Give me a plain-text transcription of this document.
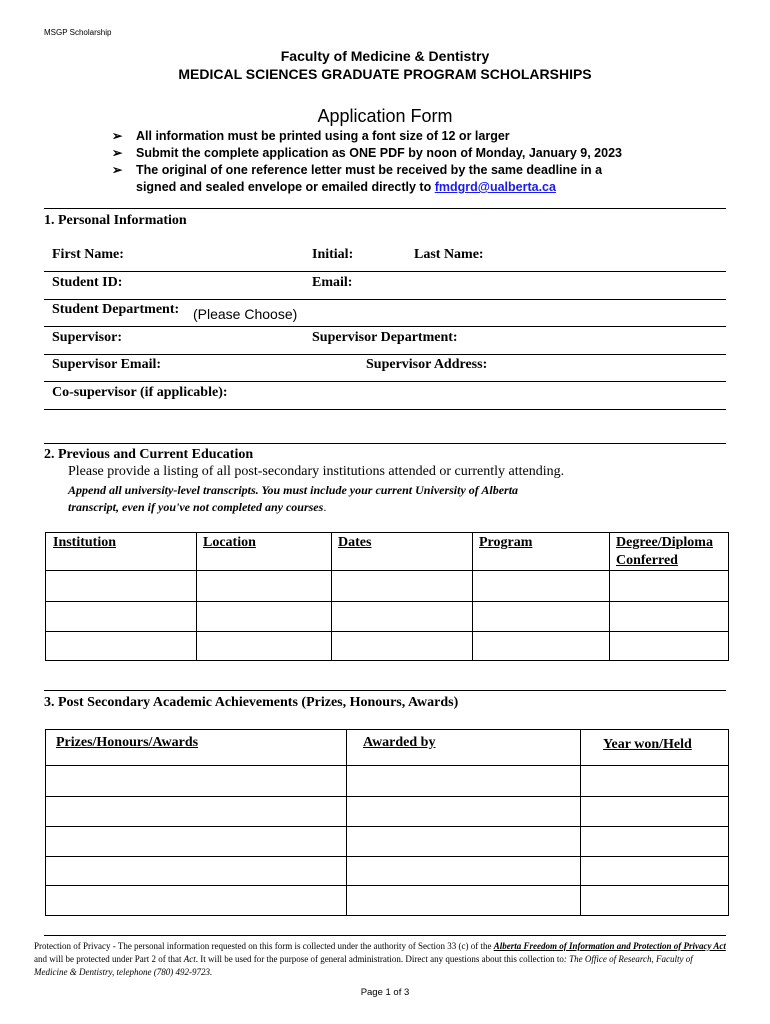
MSGP Scholarship
Faculty of Medicine & Dentistry
MEDICAL SCIENCES GRADUATE PROGRAM SCHOLARSHIPS
Application Form
➢ All information must be printed using a font size of 12 or larger
➢ Submit the complete application as ONE PDF by noon of Monday, January 9, 2023
➢ The original of one reference letter must be received by the same deadline in a
signed and sealed envelope or emailed directly to fmdgrd@ualberta.ca
1. Personal Information
First Name:	Initial:	Last Name:
Student ID:	Email:
Student Department: (Please Choose)
Supervisor:	Supervisor Department:
Supervisor Email:	Supervisor Address:
Co-supervisor (if applicable):
2. Previous and Current Education
Please provide a listing of all post-secondary institutions attended or currently attending.
Append all university-level transcripts. You must include your current University of Alberta
transcript, even if you've not completed any courses.
Institution	Location	Dates	Program	Degree/Diploma Conferred

3. Post Secondary Academic Achievements (Prizes, Honours, Awards)
Prizes/Honours/Awards	Awarded by	Year won/Held

Protection of Privacy - The personal information requested on this form is collected under the authority of Section 33 (c) of the Alberta Freedom of Information and Protection of Privacy Act and will be protected under Part 2 of that Act. It will be used for the purpose of general administration. Direct any questions about this collection to: The Office of Research, Faculty of Medicine & Dentistry, telephone (780) 492-9723.
Page 1 of 3
